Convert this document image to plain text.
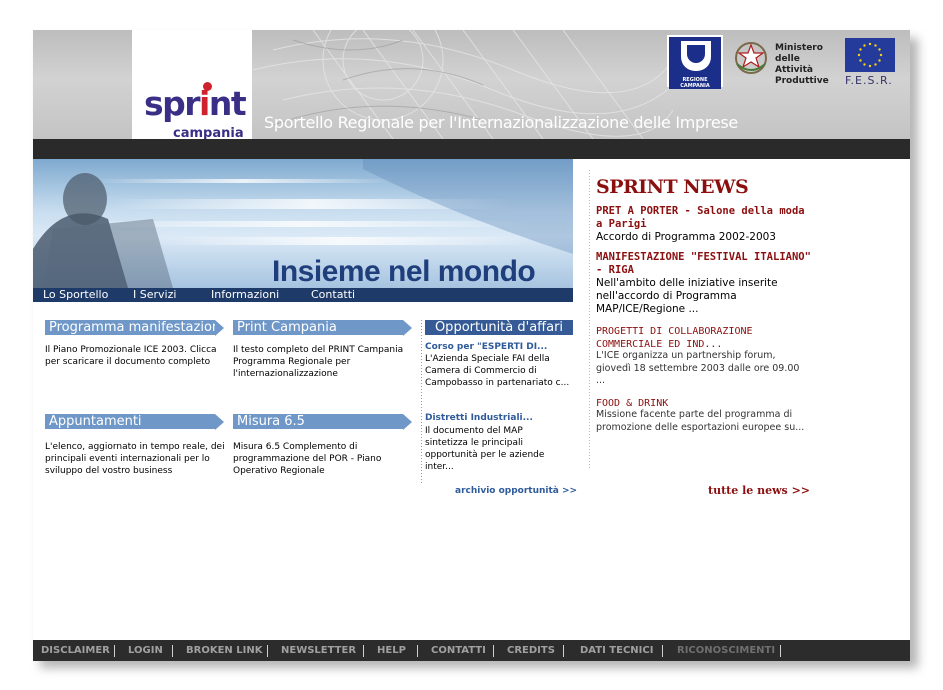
sprint
campania
Sportello Regionale per l'Internazionalizzazione delle Imprese
REGIONE CAMPANIA
Ministero delle Attività Produttive	F.E.S.R.
Insieme nel mondo
Lo Sportello I Servizi	Informazioni	Contatti
Programma manifestazioni
Il Piano Promozionale ICE 2003. Clicca per scaricare il documento completo
Print Campania
Il testo completo del PRINT Campania Programma Regionale per l'internazionalizzazione
Appuntamenti
L'elenco, aggiornato in tempo reale, dei principali eventi internazionali per lo sviluppo del vostro business
Misura 6.5
Misura 6.5 Complemento di programmazione del POR - Piano Operativo Regionale
Opportunità d'affari
Corso per "ESPERTI DI...
L'Azienda Speciale FAI della Camera di Commercio di Campobasso in partenariato c...
Distretti Industriali...
Il documento del MAP sintetizza le principali opportunità per le aziende inter...
archivio opportunità >>
SPRINT NEWS
PRET A PORTER - Salone della moda a Parigi
Accordo di Programma 2002-2003
MANIFESTAZIONE "FESTIVAL ITALIANO" - RIGA
Nell'ambito delle iniziative inserite nell'accordo di Programma MAP/ICE/Regione ...
PROGETTI DI COLLABORAZIONE COMMERCIALE ED IND...
L'ICE organizza un partnership forum, giovedì 18 settembre 2003 dalle ore 09.00 ...
FOOD & DRINK
Missione facente parte del programma di promozione delle esportazioni europee su...
tutte le news >>
DISCLAIMER LOGIN BROKEN LINK NEWSLETTER HELP	CONTATTI CREDITS	DATI TECNICI RICONOSCIMENTI
